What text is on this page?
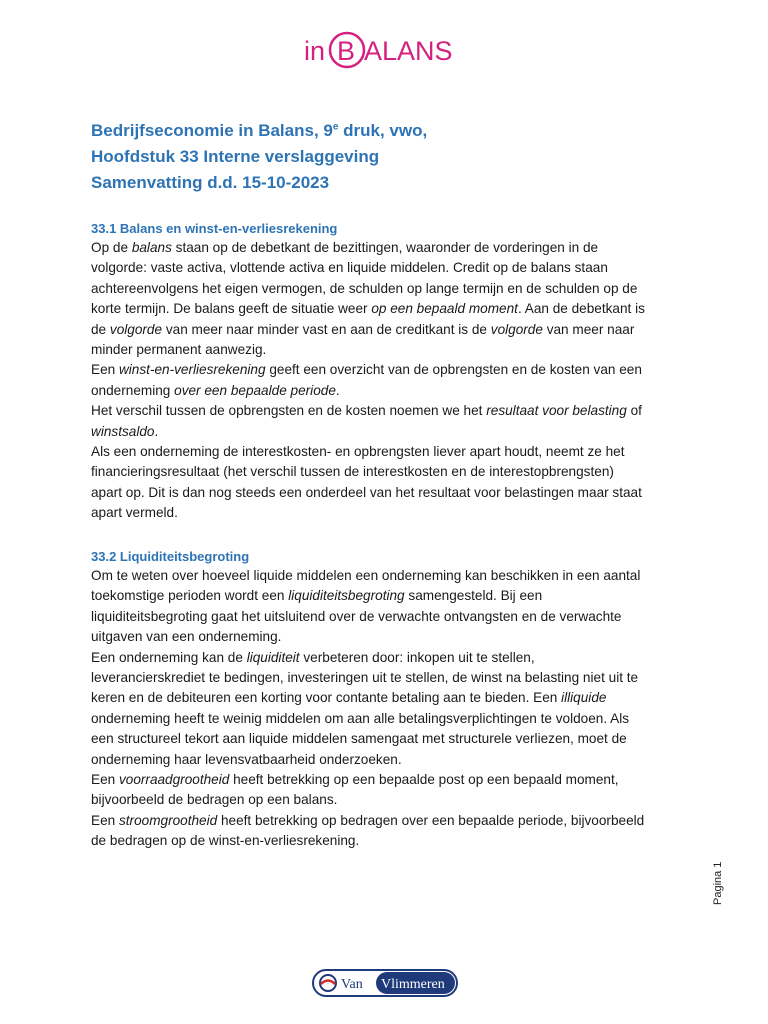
in B ALANS
Bedrijfseconomie in Balans, 9e druk, vwo,
Hoofdstuk 33 Interne verslaggeving
Samenvatting d.d. 15-10-2023

33.1 Balans en winst-en-verliesrekening

Op de balans staan op de debetkant de bezittingen, waaronder de vorderingen in de

volgorde: vaste activa, vlottende activa en liquide middelen. Credit op de balans staan

achtereenvolgens het eigen vermogen, de schulden op lange termijn en de schulden op de

korte termijn. De balans geeft de situatie weer op een bepaald moment. Aan de debetkant is

de volgorde van meer naar minder vast en aan de creditkant is de volgorde van meer naar

minder permanent aanwezig.

Een winst-en-verliesrekening geeft een overzicht van de opbrengsten en de kosten van een

onderneming over een bepaalde periode.

Het verschil tussen de opbrengsten en de kosten noemen we het resultaat voor belasting of

winstsaldo.

Als een onderneming de interestkosten- en opbrengsten liever apart houdt, neemt ze het

financieringsresultaat (het verschil tussen de interestkosten en de interestopbrengsten)

apart op. Dit is dan nog steeds een onderdeel van het resultaat voor belastingen maar staat

apart vermeld.

33.2 Liquiditeitsbegroting

Om te weten over hoeveel liquide middelen een onderneming kan beschikken in een aantal

toekomstige perioden wordt een liquiditeitsbegroting samengesteld. Bij een

liquiditeitsbegroting gaat het uitsluitend over de verwachte ontvangsten en de verwachte

uitgaven van een onderneming.

Een onderneming kan de liquiditeit verbeteren door: inkopen uit te stellen,

leverancierskrediet te bedingen, investeringen uit te stellen, de winst na belasting niet uit te

keren en de debiteuren een korting voor contante betaling aan te bieden. Een illiquide

onderneming heeft te weinig middelen om aan alle betalingsverplichtingen te voldoen. Als

een structureel tekort aan liquide middelen samengaat met structurele verliezen, moet de

onderneming haar levensvatbaarheid onderzoeken.

Een voorraadgrootheid heeft betrekking op een bepaalde post op een bepaald moment,

bijvoorbeeld de bedragen op een balans.

Een stroomgrootheid heeft betrekking op bedragen over een bepaalde periode, bijvoorbeeld

de bedragen op de winst-en-verliesrekening.

Pagina 1
Van Vlimmeren
